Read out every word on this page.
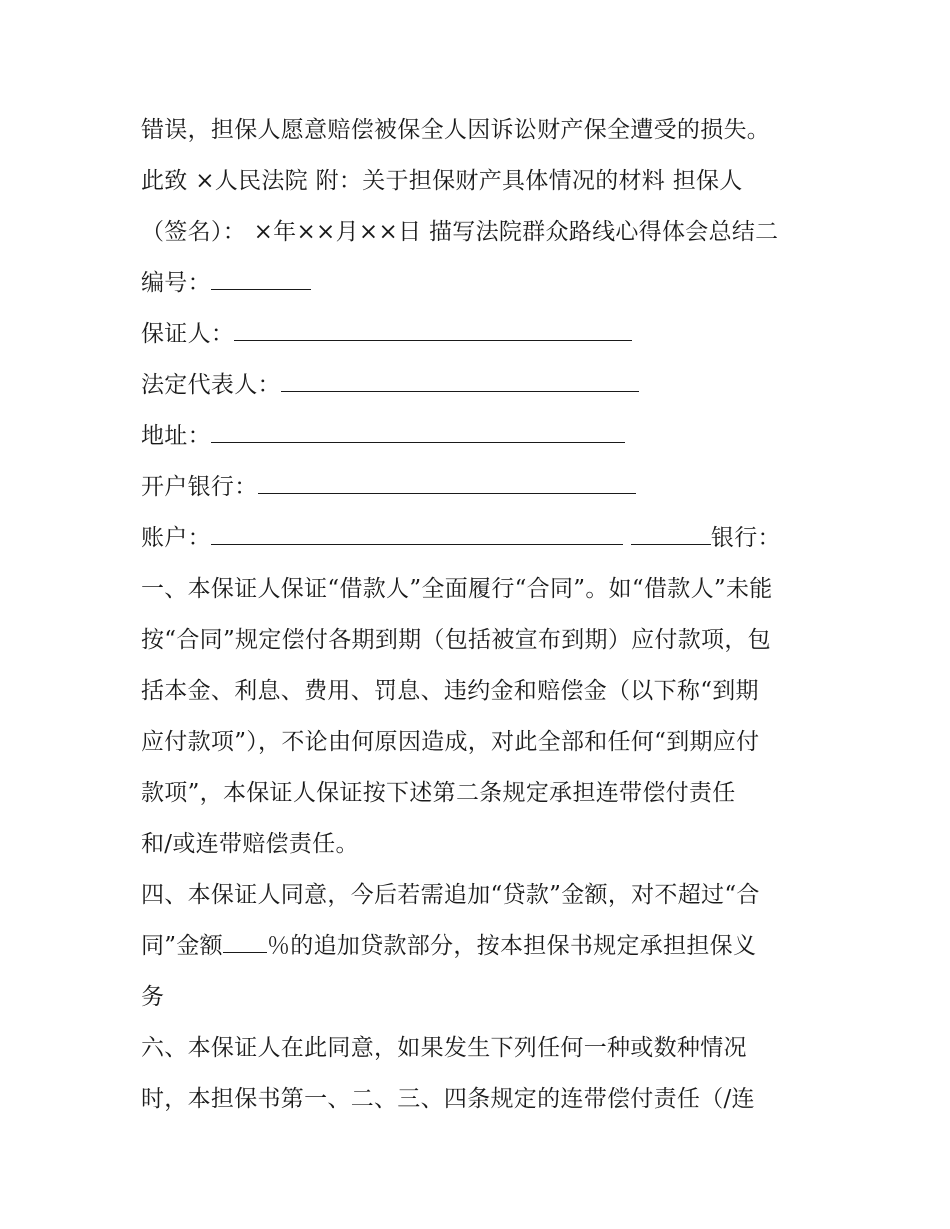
错误，担保人愿意赔偿被保全人因诉讼财产保全遭受的损失。
此致 ×人民法院 附：关于担保财产具体情况的材料 担保人
（签名）： ×年××月××日 描写法院群众路线心得体会总结二
编号：
保证人：
法定代表人：
地址：
开户银行：
账户：	银行：
一、本保证人保证“借款人”全面履行“合同”。如“借款人”未能
按“合同”规定偿付各期到期（包括被宣布到期）应付款项，包
括本金、利息、费用、罚息、违约金和赔偿金（以下称“到期
应付款项”），不论由何原因造成，对此全部和任何“到期应付
款项”，本保证人保证按下述第二条规定承担连带偿付责任
和/或连带赔偿责任。
四、本保证人同意，今后若需追加“贷款”金额，对不超过“合
同”金额 ％的追加贷款部分，按本担保书规定承担担保义
务
六、本保证人在此同意，如果发生下列任何一种或数种情况
时，本担保书第一、二、三、四条规定的连带偿付责任（/连
